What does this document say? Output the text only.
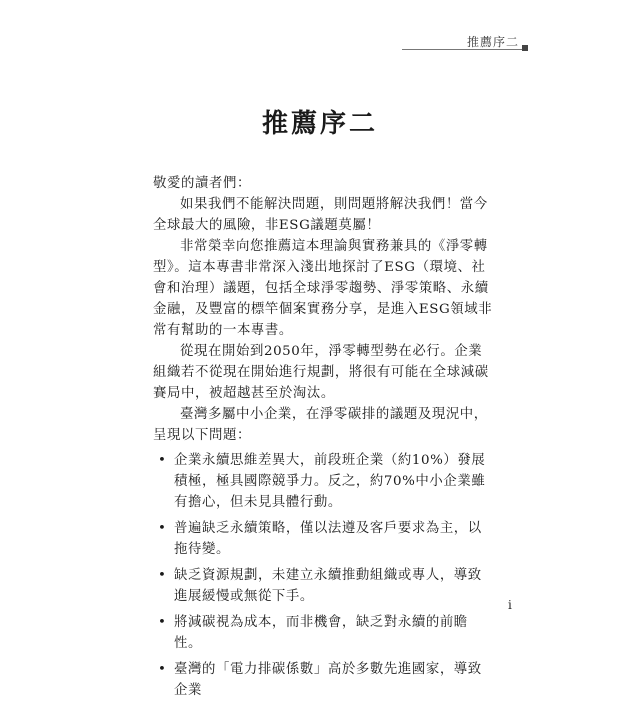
推薦序二
推薦序二

敬愛的讀者們：

如果我們不能解決問題，則問題將解決我們！當今全球最大的風險，非ESG議題莫屬！

非常榮幸向您推薦這本理論與實務兼具的《淨零轉型》。這本專書非常深入淺出地探討了ESG（環境、社會和治理）議題，包括全球淨零趨勢、淨零策略、永續金融，及豐富的標竿個案實務分享，是進入ESG領域非常有幫助的一本專書。

從現在開始到2050年，淨零轉型勢在必行。企業組織若不從現在開始進行規劃，將很有可能在全球減碳賽局中，被超越甚至於淘汰。

臺灣多屬中小企業，在淨零碳排的議題及現況中，呈現以下問題：

• 企業永續思維差異大，前段班企業（約10%）發展積極，極具國際競爭力。反之，約70%中小企業雖有擔心，但未見具體行動。
• 普遍缺乏永續策略，僅以法遵及客戶要求為主，以拖待變。
• 缺乏資源規劃，未建立永續推動組織或專人，導致進展緩慢或無從下手。
• 將減碳視為成本，而非機會，缺乏對永續的前瞻性。
• 臺灣的「電力排碳係數」高於多數先進國家，導致企業
i
